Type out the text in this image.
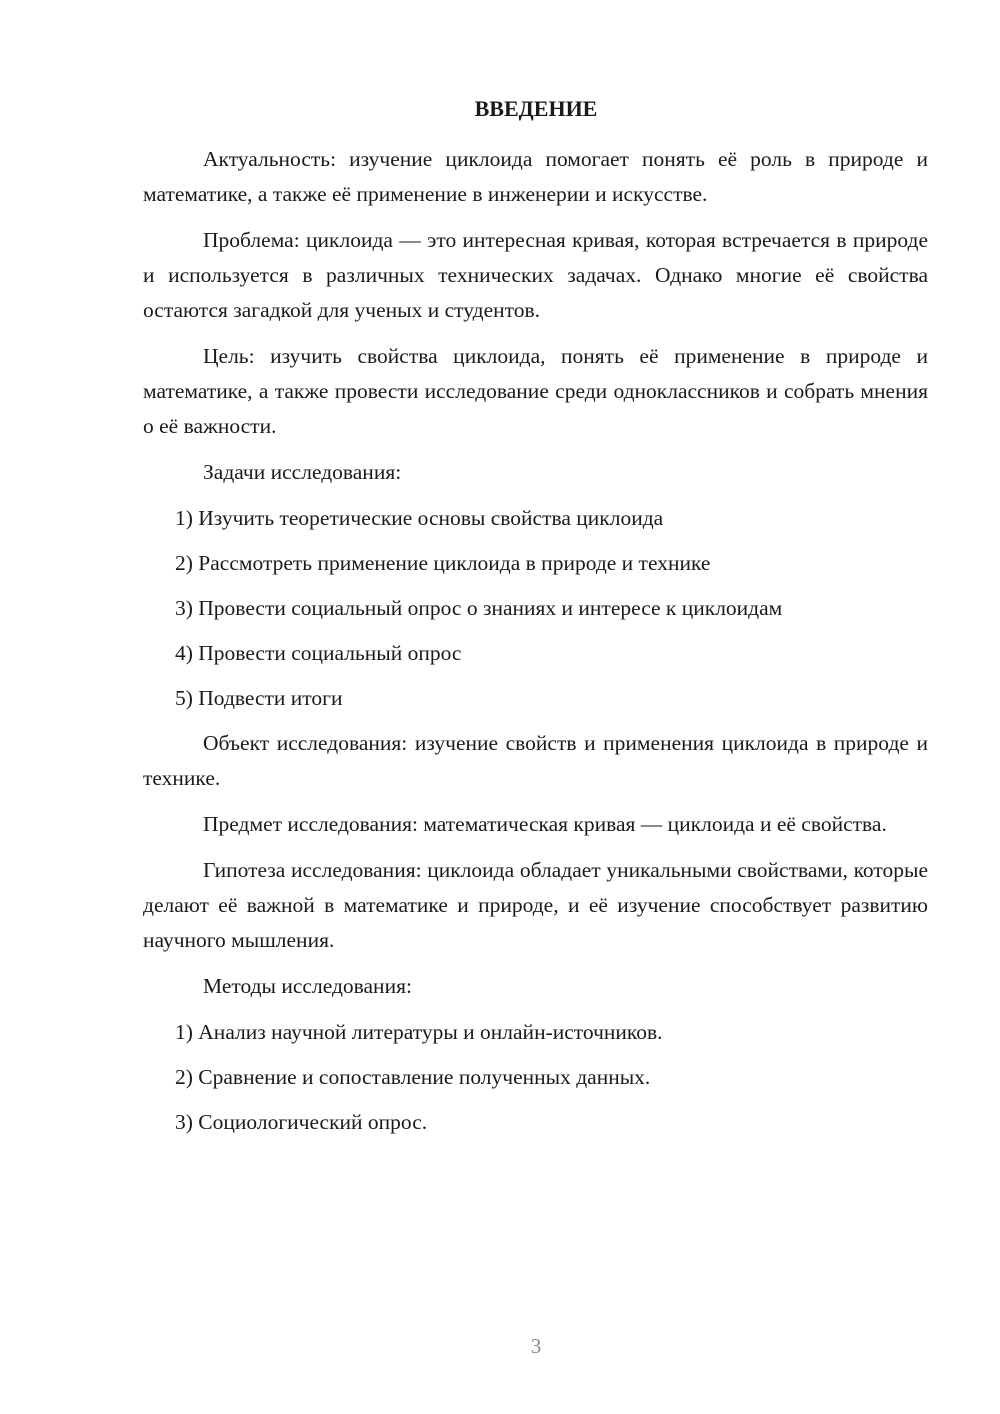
ВВЕДЕНИЕ

Актуальность: изучение циклоида помогает понять её роль в природе и математике, а также её применение в инженерии и искусстве.

Проблема: циклоида — это интересная кривая, которая встречается в природе и используется в различных технических задачах. Однако многие её свойства остаются загадкой для ученых и студентов.

Цель: изучить свойства циклоида, понять её применение в природе и математике, а также провести исследование среди одноклассников и собрать мнения о её важности.

Задачи исследования:

1) Изучить теоретические основы свойства циклоида
2) Рассмотреть применение циклоида в природе и технике
3) Провести социальный опрос о знаниях и интересе к циклоидам
4) Провести социальный опрос
5) Подвести итоги

Объект исследования: изучение свойств и применения циклоида в природе и технике.

Предмет исследования: математическая кривая — циклоида и её свойства.

Гипотеза исследования: циклоида обладает уникальными свойствами, которые делают её важной в математике и природе, и её изучение способствует развитию научного мышления.

Методы исследования:

1) Анализ научной литературы и онлайн-источников.
2) Сравнение и сопоставление полученных данных.
3) Социологический опрос.
3
